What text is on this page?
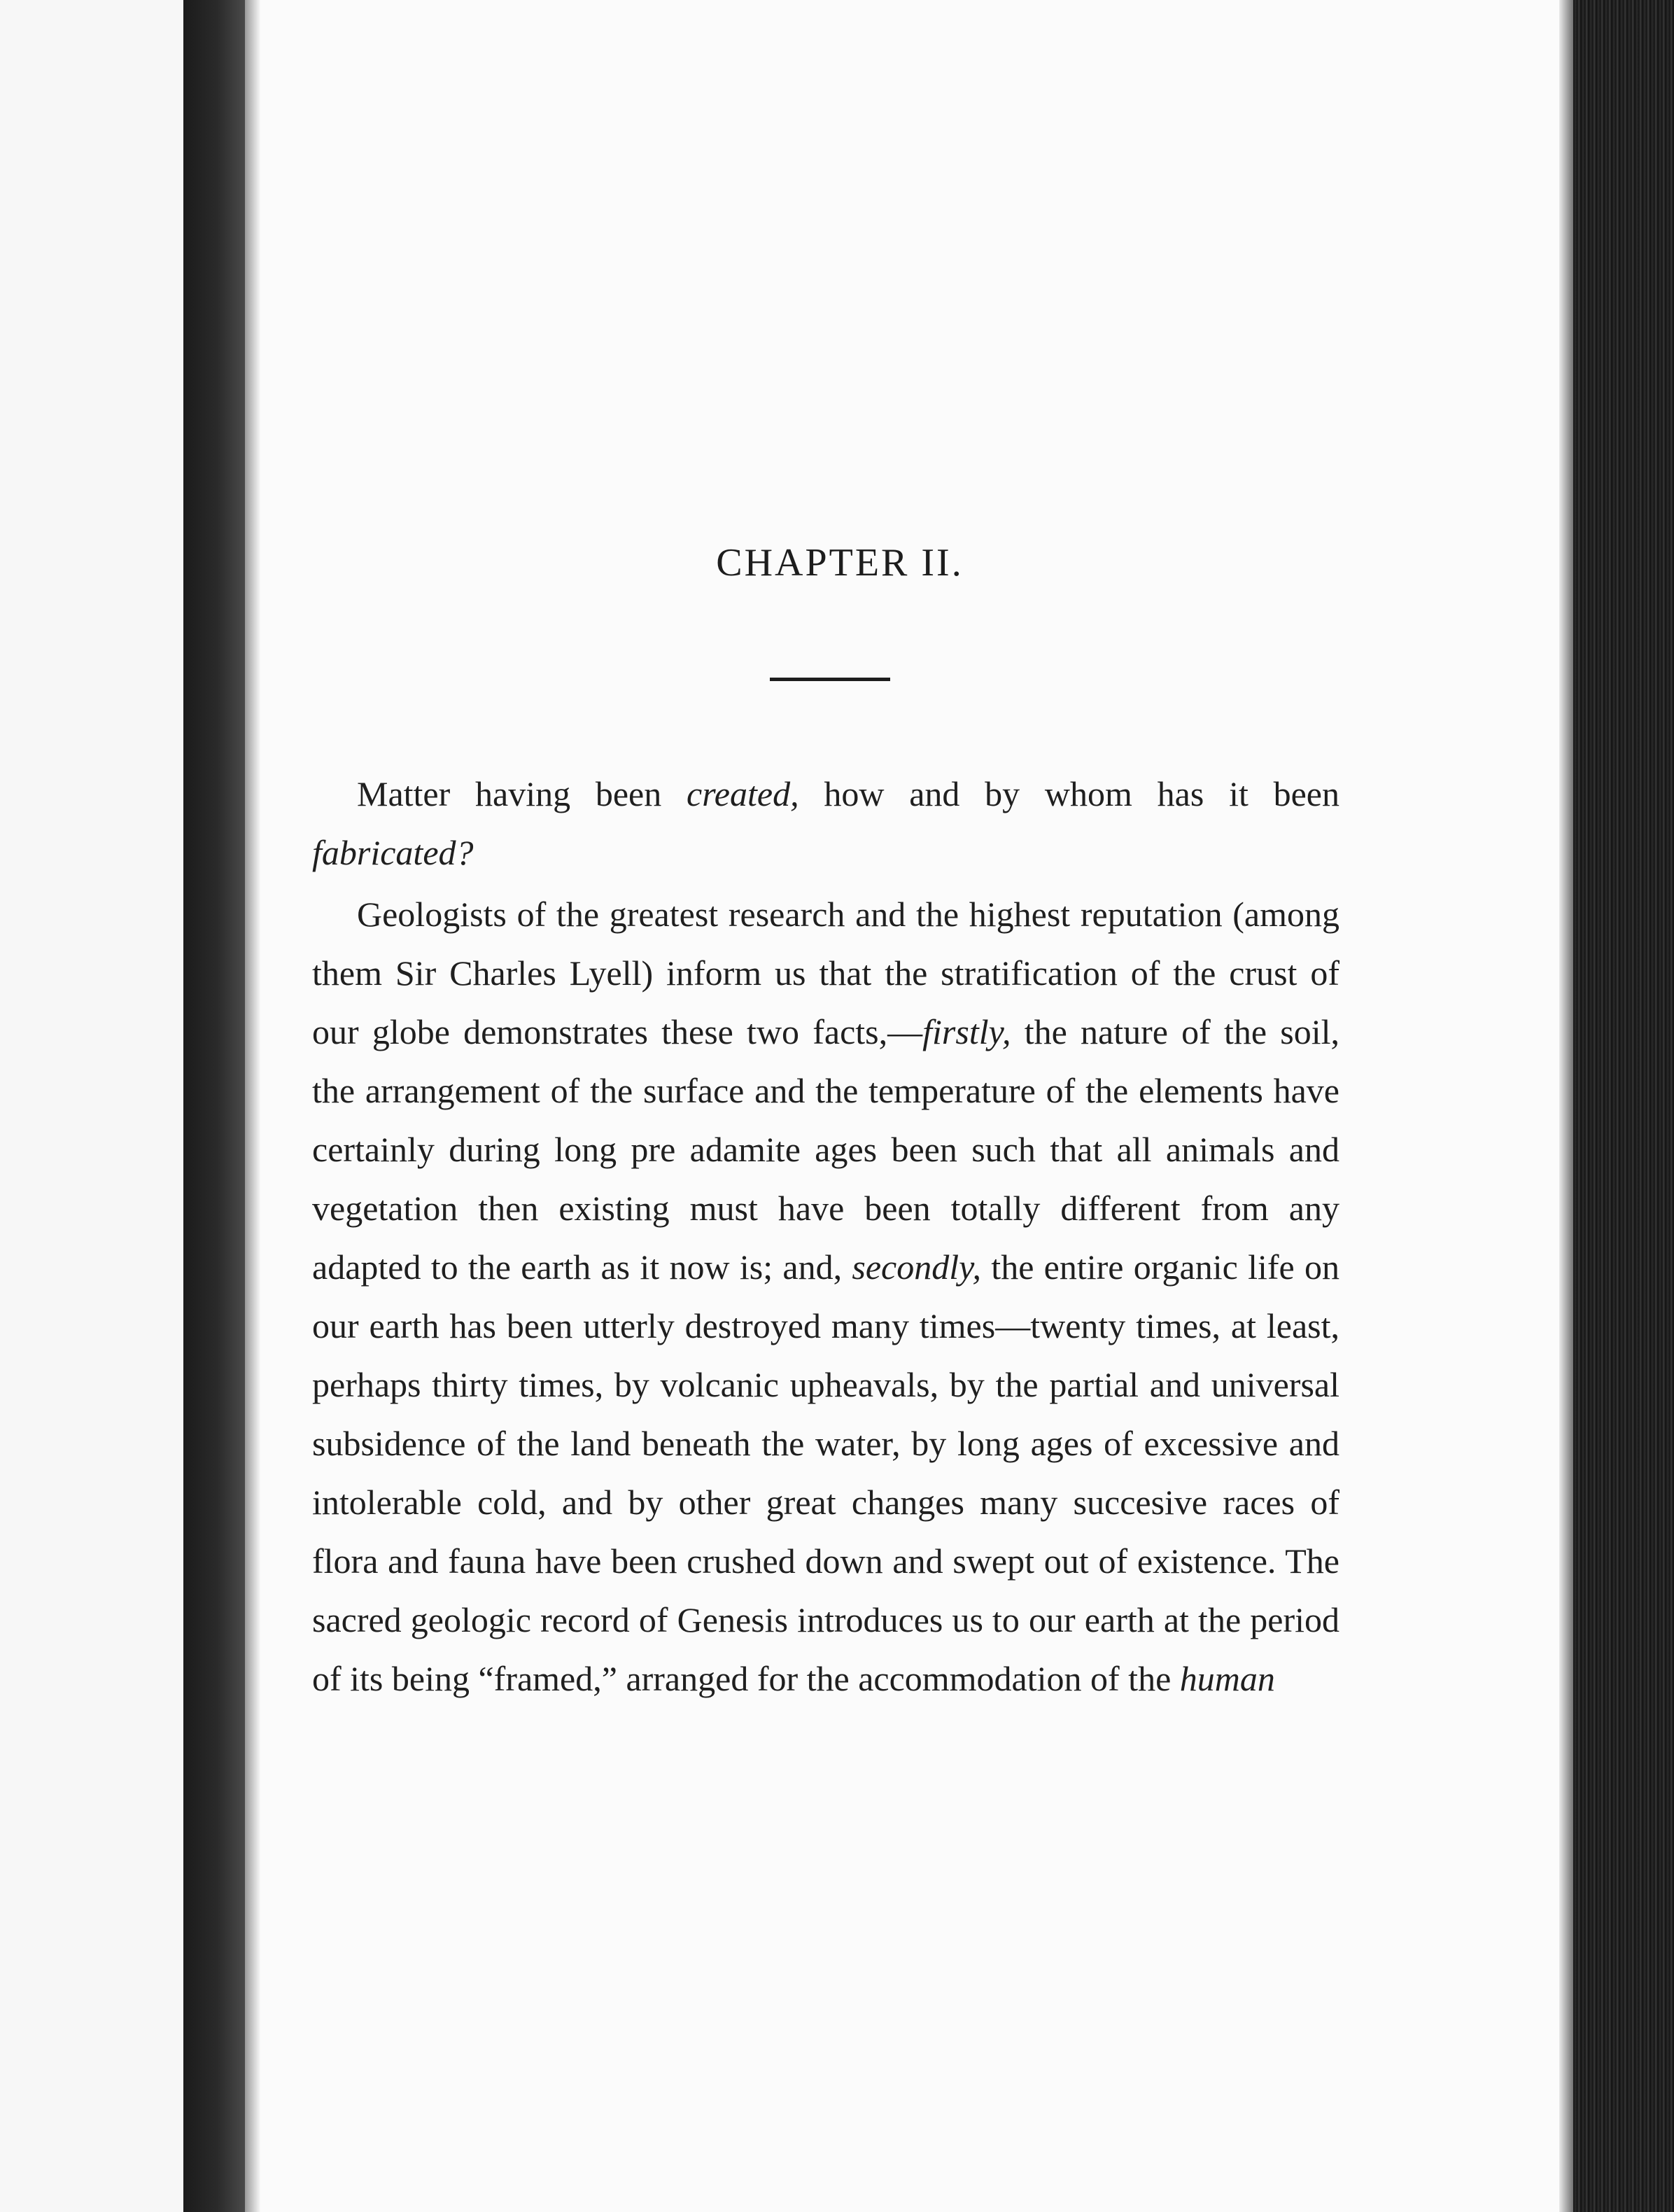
CHAPTER II.

Matter having been created, how and by whom has it been fabricated?

Geologists of the greatest research and the highest reputation (among them Sir Charles Lyell) inform us that the stratification of the crust of our globe demonstrates these two facts,—firstly, the nature of the soil, the arrangement of the surface and the temperature of the elements have certainly during long pre adamite ages been such that all animals and vegetation then existing must have been totally different from any adapted to the earth as it now is; and, secondly, the entire organic life on our earth has been utterly destroyed many times—twenty times, at least, perhaps thirty times, by volcanic upheavals, by the partial and universal subsidence of the land beneath the water, by long ages of excessive and intolerable cold, and by other great changes many succesive races of flora and fauna have been crushed down and swept out of existence. The sacred geologic record of Genesis introduces us to our earth at the period of its being “framed,” arranged for the accommodation of the human
